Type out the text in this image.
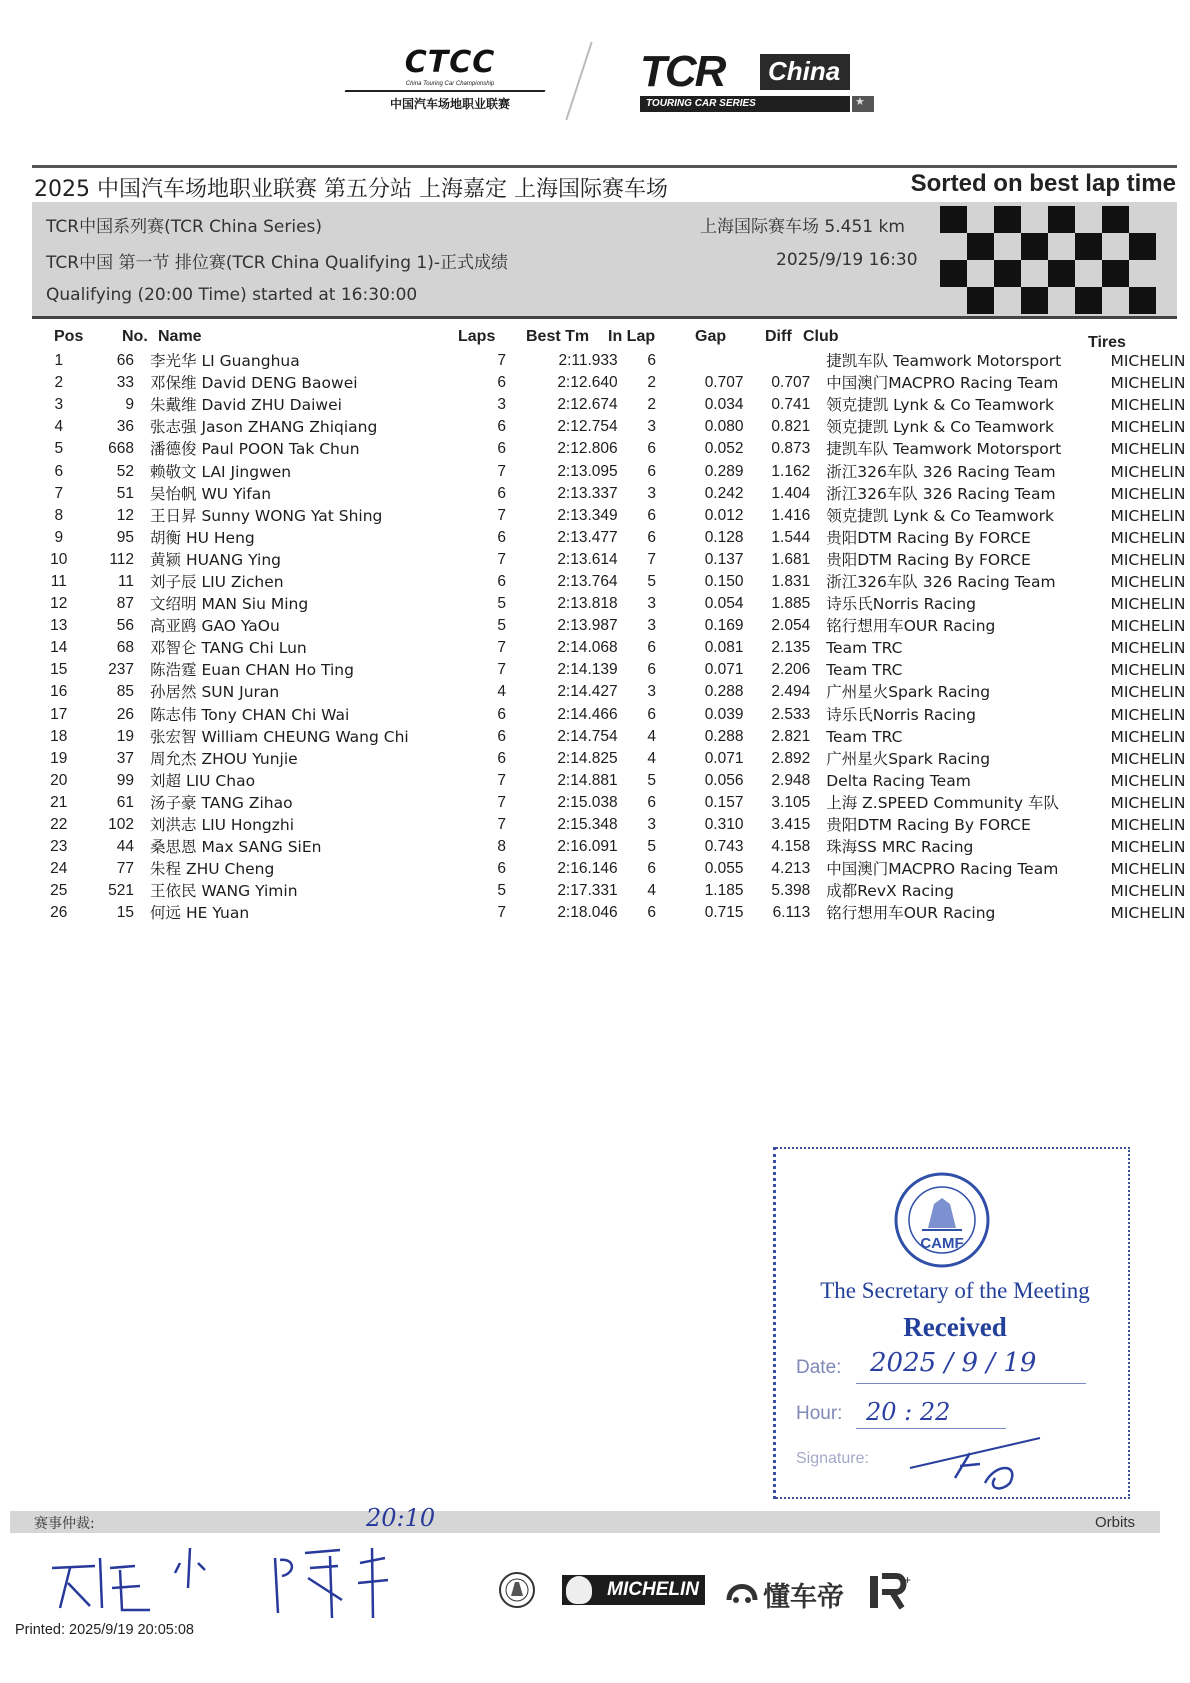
CTCC
China Touring Car Championship
中国汽车场地职业联赛
TCR	China
TOURING CAR SERIES
★
2025 中国汽车场地职业联赛 第五分站 上海嘉定 上海国际赛车场	Sorted on best lap time
TCR中国系列赛(TCR China Series)	上海国际赛车场 5.451 km
TCR中国 第一节 排位赛(TCR China Qualifying 1)-正式成绩	2025/9/19 16:30
Qualifying (20:00 Time) started at 16:30:00
Pos No. Name	Laps Best Tm In Lap Gap Diff Club	Tires
1	66	李光华 LI Guanghua	7	2:11.933	6			捷凯车队 Teamwork Motorsport	MICHELIN
2	33	邓保维 David DENG Baowei	6	2:12.640	2	0.707	0.707	中国澳门MACPRO Racing Team	MICHELIN
3	9	朱戴维 David ZHU Daiwei	3	2:12.674	2	0.034	0.741	领克捷凯 Lynk & Co Teamwork	MICHELIN
4	36	张志强 Jason ZHANG Zhiqiang	6	2:12.754	3	0.080	0.821	领克捷凯 Lynk & Co Teamwork	MICHELIN
5	668	潘德俊 Paul POON Tak Chun	6	2:12.806	6	0.052	0.873	捷凯车队 Teamwork Motorsport	MICHELIN
6	52	赖敬文 LAI Jingwen	7	2:13.095	6	0.289	1.162	浙江326车队 326 Racing Team	MICHELIN
7	51	吴怡帆 WU Yifan	6	2:13.337	3	0.242	1.404	浙江326车队 326 Racing Team	MICHELIN
8	12	王日昇 Sunny WONG Yat Shing	7	2:13.349	6	0.012	1.416	领克捷凯 Lynk & Co Teamwork	MICHELIN
9	95	胡衡 HU Heng	6	2:13.477	6	0.128	1.544	贵阳DTM Racing By FORCE	MICHELIN
10	112	黄颍 HUANG Ying	7	2:13.614	7	0.137	1.681	贵阳DTM Racing By FORCE	MICHELIN
11	11	刘子辰 LIU Zichen	6	2:13.764	5	0.150	1.831	浙江326车队 326 Racing Team	MICHELIN
12	87	文绍明 MAN Siu Ming	5	2:13.818	3	0.054	1.885	诗乐氏Norris Racing	MICHELIN
13	56	高亚鸥 GAO YaOu	5	2:13.987	3	0.169	2.054	铭行想用车OUR Racing	MICHELIN
14	68	邓智仑 TANG Chi Lun	7	2:14.068	6	0.081	2.135	Team TRC	MICHELIN
15	237	陈浩霆 Euan CHAN Ho Ting	7	2:14.139	6	0.071	2.206	Team TRC	MICHELIN
16	85	孙居然 SUN Juran	4	2:14.427	3	0.288	2.494	广州星火Spark Racing	MICHELIN
17	26	陈志伟 Tony CHAN Chi Wai	6	2:14.466	6	0.039	2.533	诗乐氏Norris Racing	MICHELIN
18	19	张宏智 William CHEUNG Wang Chi	6	2:14.754	4	0.288	2.821	Team TRC	MICHELIN
19	37	周允杰 ZHOU Yunjie	6	2:14.825	4	0.071	2.892	广州星火Spark Racing	MICHELIN
20	99	刘超 LIU Chao	7	2:14.881	5	0.056	2.948	Delta Racing Team	MICHELIN
21	61	汤子豪 TANG Zihao	7	2:15.038	6	0.157	3.105	上海 Z.SPEED Community 车队	MICHELIN
22	102	刘洪志 LIU Hongzhi	7	2:15.348	3	0.310	3.415	贵阳DTM Racing By FORCE	MICHELIN
23	44	桑思恩 Max SANG SiEn	8	2:16.091	5	0.743	4.158	珠海SS MRC Racing	MICHELIN
24	77	朱程 ZHU Cheng	6	2:16.146	6	0.055	4.213	中国澳门MACPRO Racing Team	MICHELIN
25	521	王依民 WANG Yimin	5	2:17.331	4	1.185	5.398	成都RevX Racing	MICHELIN
26	15	何远 HE Yuan	7	2:18.046	6	0.715	6.113	铭行想用车OUR Racing	MICHELIN
CAMF
The Secretary of the Meeting
Received
Date: 2025 / 9 / 19
Hour: 20 : 22
Signature:
赛事仲裁:	Orbits
20:10
MICHELIN 懂车帝
+
Printed: 2025/9/19 20:05:08
